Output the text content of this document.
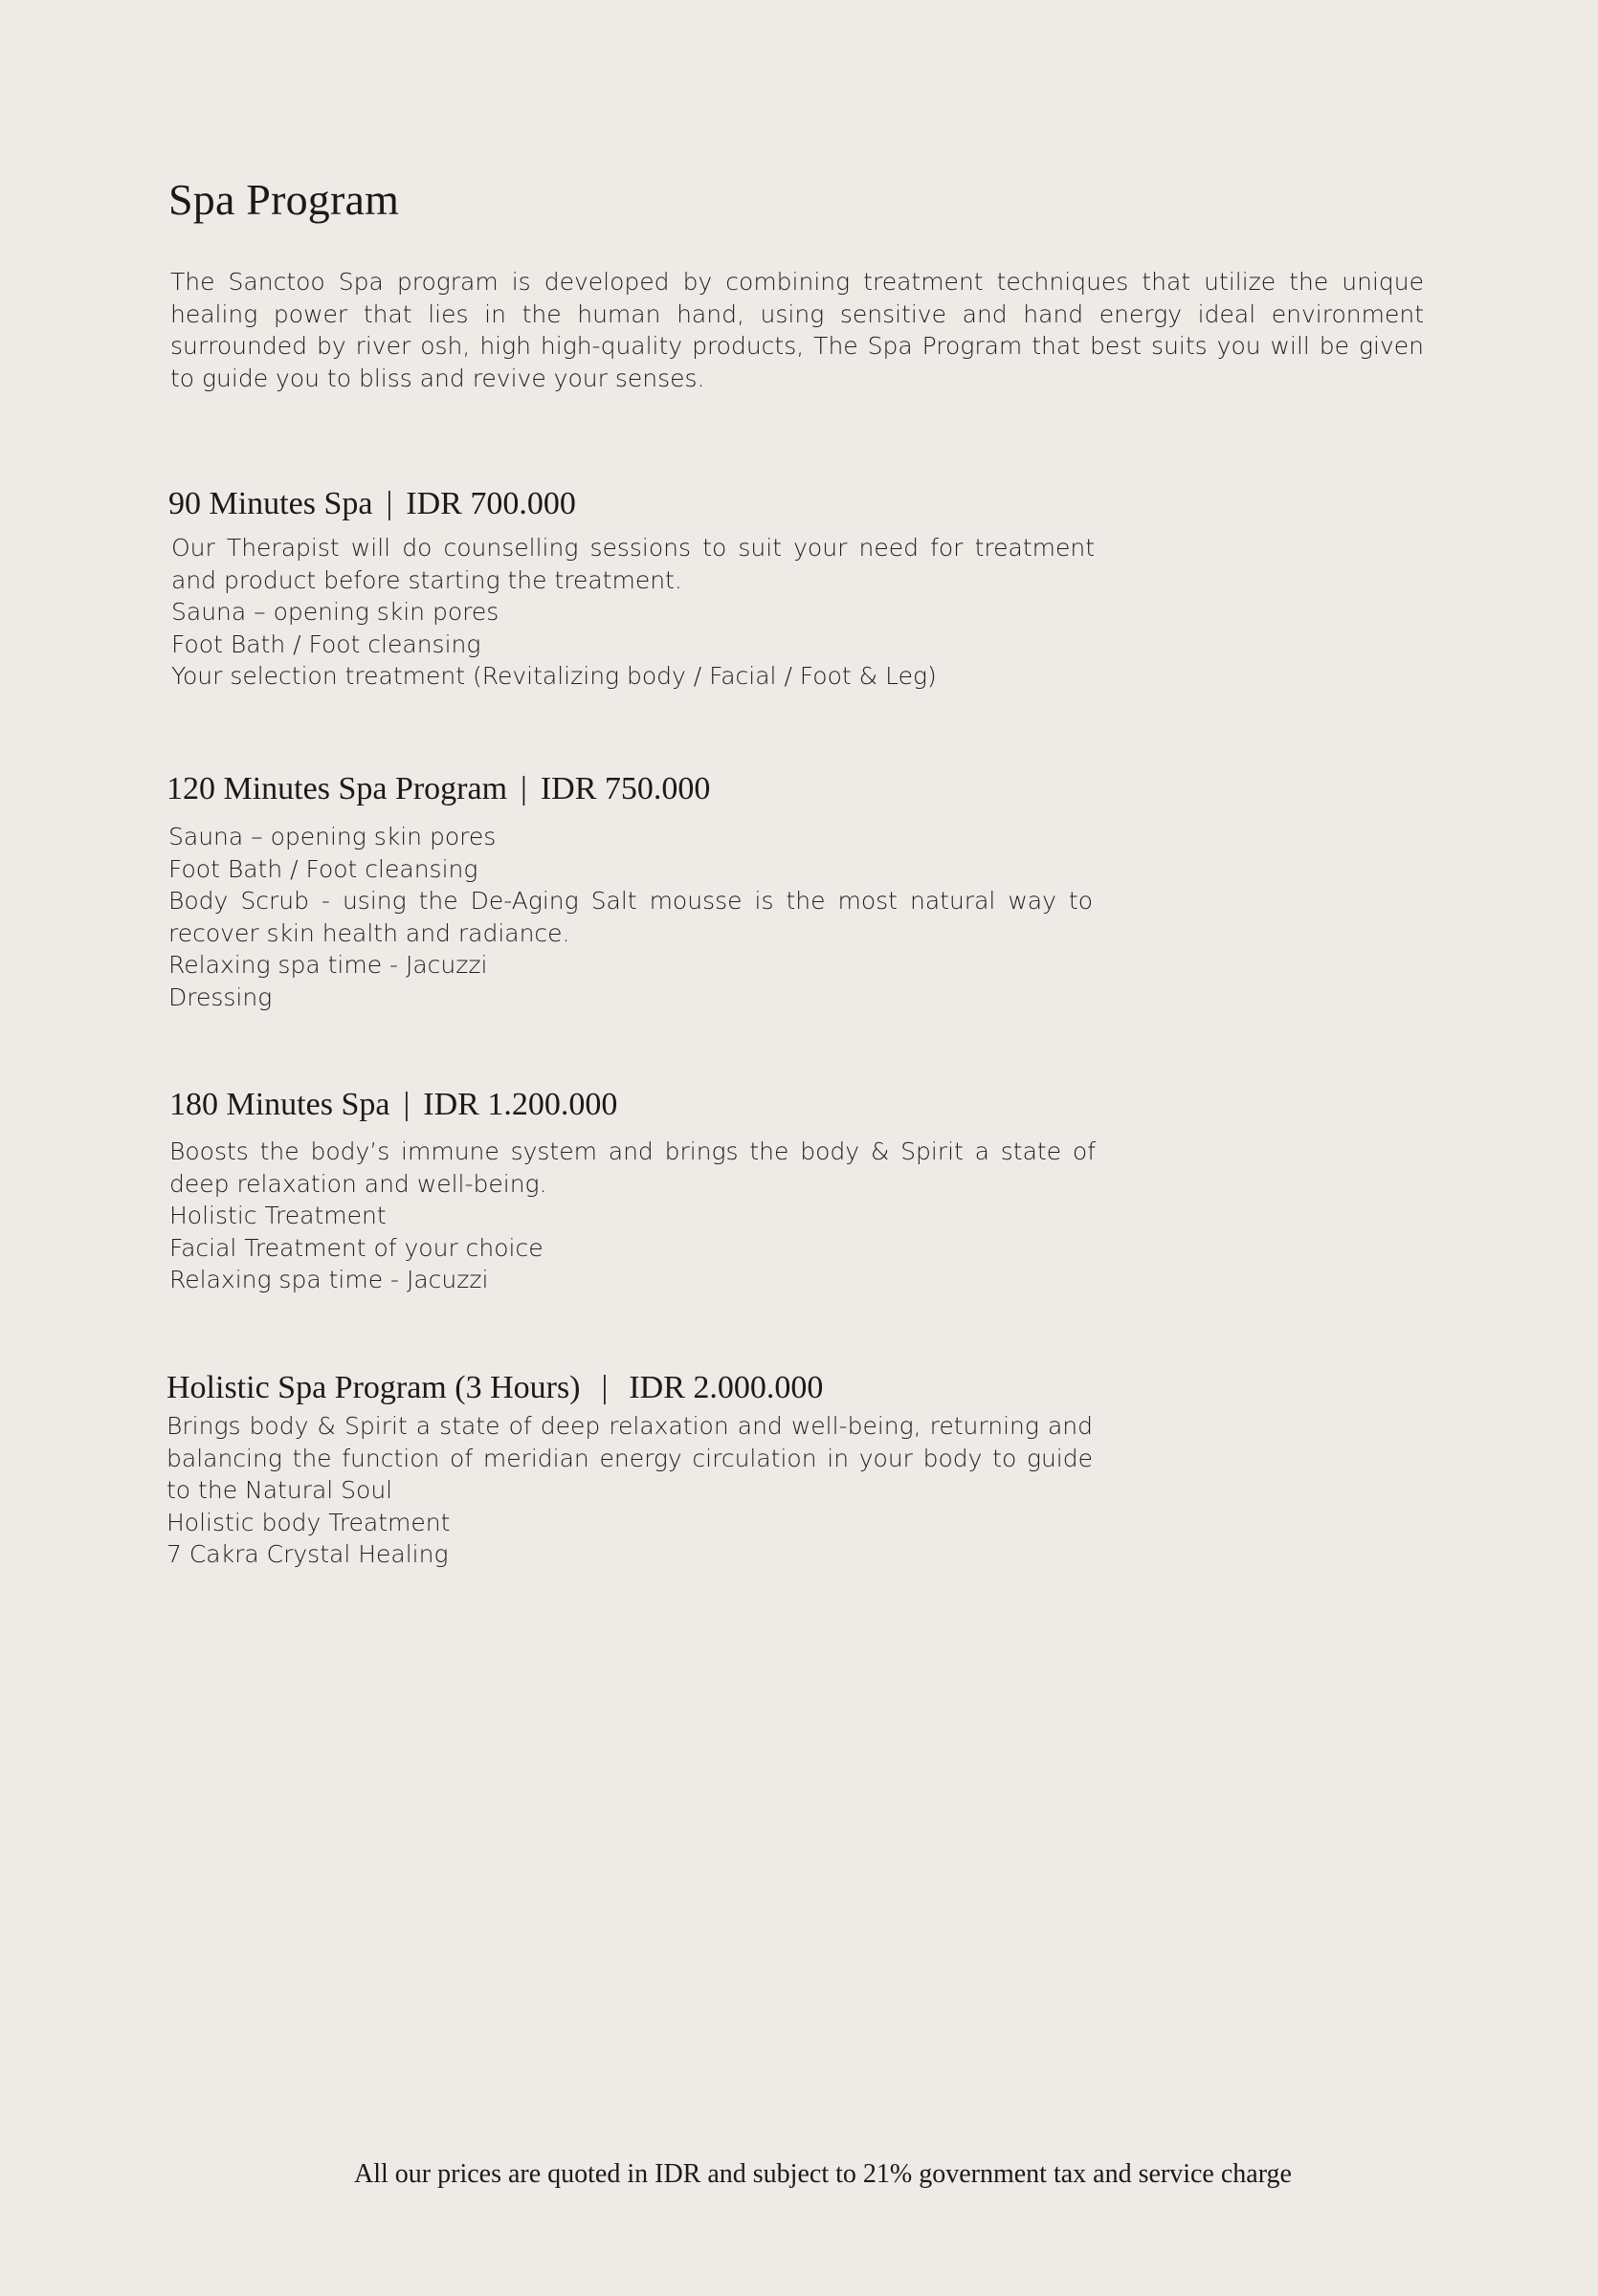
Spa Program

The Sanctoo Spa program is developed by combining treatment techniques that utilize the unique healing power that lies in the human hand, using sensitive and hand energy ideal environment surrounded by river osh, high high-quality products, The Spa Program that best suits you will be given to guide you to bliss and revive your senses.

90 Minutes Spa | IDR 700.000
Our Therapist will do counselling sessions to suit your need for treatment and product before starting the treatment.
Sauna – opening skin pores
Foot Bath / Foot cleansing
Your selection treatment (Revitalizing body / Facial / Foot & Leg)
120 Minutes Spa Program | IDR 750.000
Sauna – opening skin pores
Foot Bath / Foot cleansing
Body Scrub - using the De-Aging Salt mousse is the most natural way to recover skin health and radiance.
Relaxing spa time - Jacuzzi
Dressing
180 Minutes Spa | IDR 1.200.000
Boosts the body’s immune system and brings the body & Spirit a state of deep relaxation and well-being.
Holistic Treatment
Facial Treatment of your choice
Relaxing spa time - Jacuzzi
Holistic Spa Program (3 Hours) | IDR 2.000.000
Brings body & Spirit a state of deep relaxation and well-being, returning and balancing the function of meridian energy circulation in your body to guide to the Natural Soul
Holistic body Treatment
7 Cakra Crystal Healing

All our prices are quoted in IDR and subject to 21% government tax and service charge
